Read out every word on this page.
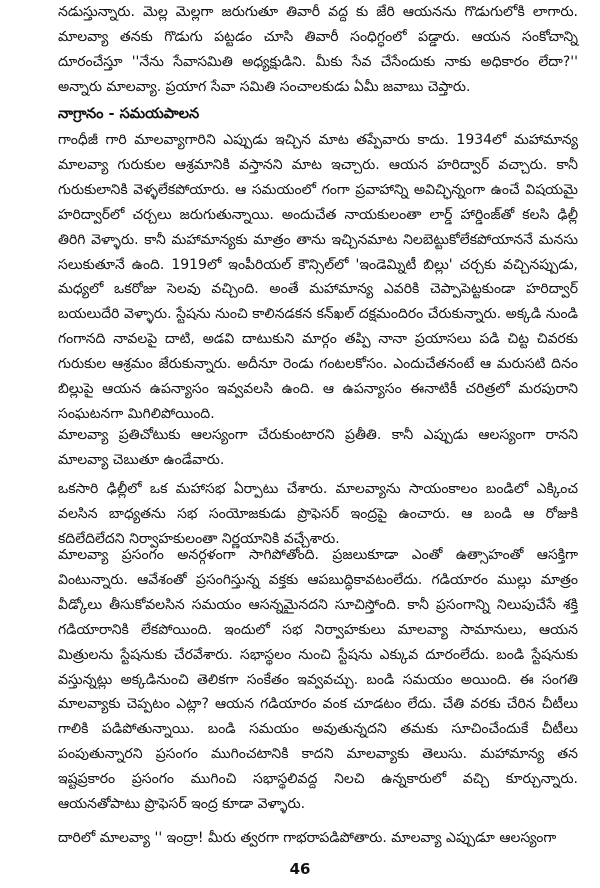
నడుస్తున్నారు. మెల్ల మెల్లగా జరుగుతూ తివారీ వద్ద కు జేరి ఆయనను గొడుగులోకి లాగారు. మాలవ్యా తనకు గొడుగు పట్టడం చూసి తివారీ సంధిగ్ధంలో పడ్డారు. ఆయన సంకోచాన్ని దూరంచేస్తూ ''నేను సేవాసమితి అధ్యక్షుడిని. మీకు సేవ చేసేందుకు నాకు అధికారం లేదా?'' అన్నారు మాలవ్యా. ప్రయాగ సేవా సమితి సంచాలకుడు ఏమీ జవాబు చెప్తారు.

నాగ్రానం - సమయపాలన

గాంధీజీ గారి మాలవ్యాగారిని ఎప్పుడు ఇచ్చిన మాట తప్పేవారు కాదు. 1934లో మహామాన్య మాలవ్యా గురుకుల ఆశ్రమానికి వస్తానని మాట ఇచ్చారు. ఆయన హరిద్వార్ వచ్చారు. కానీ గురుకులానికి వెళ్ళలేకపోయారు. ఆ సమయంలో గంగా ప్రవాహాన్ని అవిచ్ఛిన్నంగా ఉంచే విషయమై హరిద్వార్‌లో చర్చలు జరుగుతున్నాయి. అందుచేత నాయకులంతా లార్డ్ హార్డింజ్‌తో కలసి ఢిల్లీ తిరిగి వెళ్ళారు. కానీ మహామాన్యకు మాత్రం తాను ఇచ్చినమాట నిలబెట్టుకోలేకపోయాననే మనసు సలుకుతూనే ఉంది. 1919లో ఇంపీరియల్ కౌన్సిల్‌లో 'ఇండెమ్నిటీ బిల్లు' చర్చకు వచ్చినప్పుడు, మధ్యలో ఒకరోజు సెలవు వచ్చింది. అంతే మహామాన్య ఎవరికి చెప్పాపెట్టకుండా హరిద్వార్ బయలుదేరి వెళ్ళారు. స్టేషను నుంచి కాలినడకన కన్‌ఖల్ దక్షమందిరం చేరుకున్నారు. అక్కడి నుండి గంగానది నావలపై దాటి, అడవి దాటుకుని మార్గం తప్పి నానా ప్రయాసలు పడి చిట్ట చివరకు గురుకుల ఆశ్రమం జేరుకున్నారు. అదీనూ రెండు గంటలకోసం. ఎందుచేతనంటే ఆ మరుసటి దినం బిల్లుపై ఆయన ఉపన్యాసం ఇవ్వవలసి ఉంది. ఆ ఉపన్యాసం ఈనాటికీ చరిత్రలో మరపురాని సంఘటనగా మిగిలిపోయింది.

మాలవ్యా ప్రతిచోటుకు ఆలస్యంగా చేరుకుంటారని ప్రతీతి. కానీ ఎప్పుడు ఆలస్యంగా రానని మాలవ్యా చెబుతూ ఉండేవారు.

ఒకసారి ఢిల్లీలో ఒక మహాసభ ఏర్పాటు చేశారు. మాలవ్యాను సాయంకాలం బండిలో ఎక్కించ వలసిన బాధ్యతను సభ సంయోజకుడు ప్రొఫెసర్ ఇంద్రపై ఉంచారు. ఆ బండి ఆ రోజుకి కదిలేదిలేదని నిర్వాహకులంతా నిర్ణయానికి వచ్చేశారు.

మాలవ్యా ప్రసంగం అనర్గళంగా సాగిపోతోంది. ప్రజలుకూడా ఎంతో ఉత్సాహంతో ఆసక్తిగా వింటున్నారు. ఆవేశంతో ప్రసంగిస్తున్న వక్తకు ఆపబుద్ధికావటంలేదు. గడియారం ముల్లు మాత్రం వీడ్కోలు తీసుకోవలసిన సమయం ఆసన్నమైనదని సూచిస్తోంది. కానీ ప్రసంగాన్ని నిలుపుచేసే శక్తి గడియారానికి లేకపోయింది. ఇందులో సభ నిర్వాహకులు మాలవ్యా సామానులు, ఆయన మిత్రులను స్టేషనుకు చేరవేశారు. సభాస్థలం నుంచి స్టేషను ఎక్కువ దూరంలేదు. బండి స్టేషనుకు వస్తున్నట్లు అక్కడినుంచి తెలికగా సంకేతం ఇవ్వవచ్చు. బండి సమయం అయింది. ఈ సంగతి మాలవ్యాకు చెప్పటం ఎట్లా? ఆయన గడియారం వంక చూడటం లేదు. చేతి వరకు చేరిన చీటీలు గాలికి పడిపోతున్నాయి. బండి సమయం అవుతున్నదని తమకు సూచించేందుకే చీటీలు పంపుతున్నారని ప్రసంగం ముగించటానికి కాదని మాలవ్యాకు తెలుసు. మహామాన్య తన ఇష్టప్రకారం ప్రసంగం ముగించి సభాస్థలివద్ద నిలచి ఉన్నకారులో వచ్చి కూర్చున్నారు. ఆయనతోపాటు ప్రొఫెసర్ ఇంద్ర కూడా వెళ్ళారు.

దారిలో మాలవ్యా '' ఇంద్రా! మీరు త్వరగా గాభరాపడిపోతారు. మాలవ్యా ఎప్పుడూ ఆలస్యంగా

46
